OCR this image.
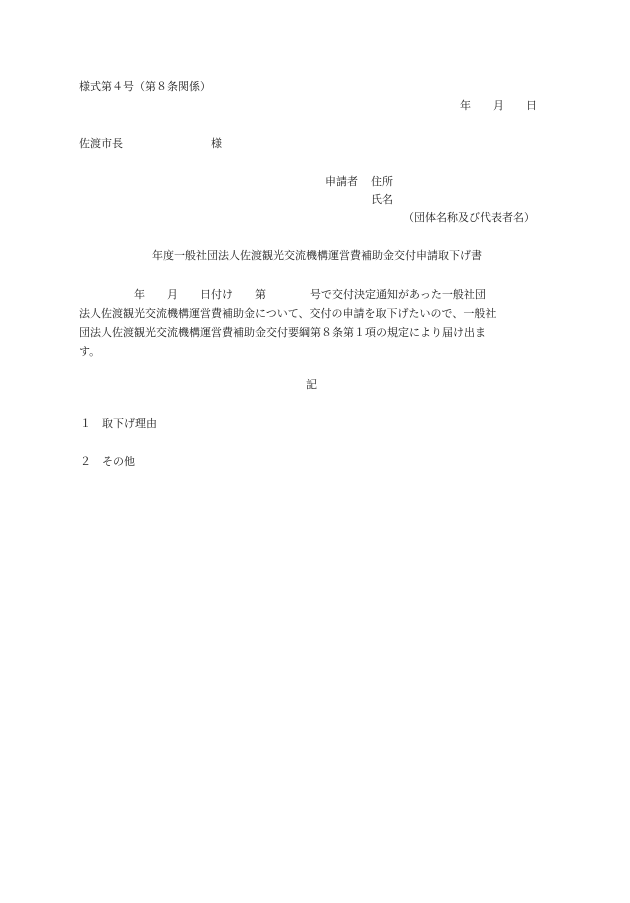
様式第４号（第８条関係）
年　　月　　日
佐渡市長　　　　　　　　様
申請者 住所
氏名
（団体名称及び代表者名）
年度一般社団法人佐渡観光交流機構運営費補助金交付申請取下げ書
　　　　　年　　月　　日付け　　第　　　　号で交付決定通知があった一般社団
法人佐渡観光交流機構運営費補助金について、交付の申請を取下げたいので、一般社
団法人佐渡観光交流機構運営費補助金交付要綱第８条第１項の規定により届け出ま
す。
記
１　取下げ理由
２　その他
